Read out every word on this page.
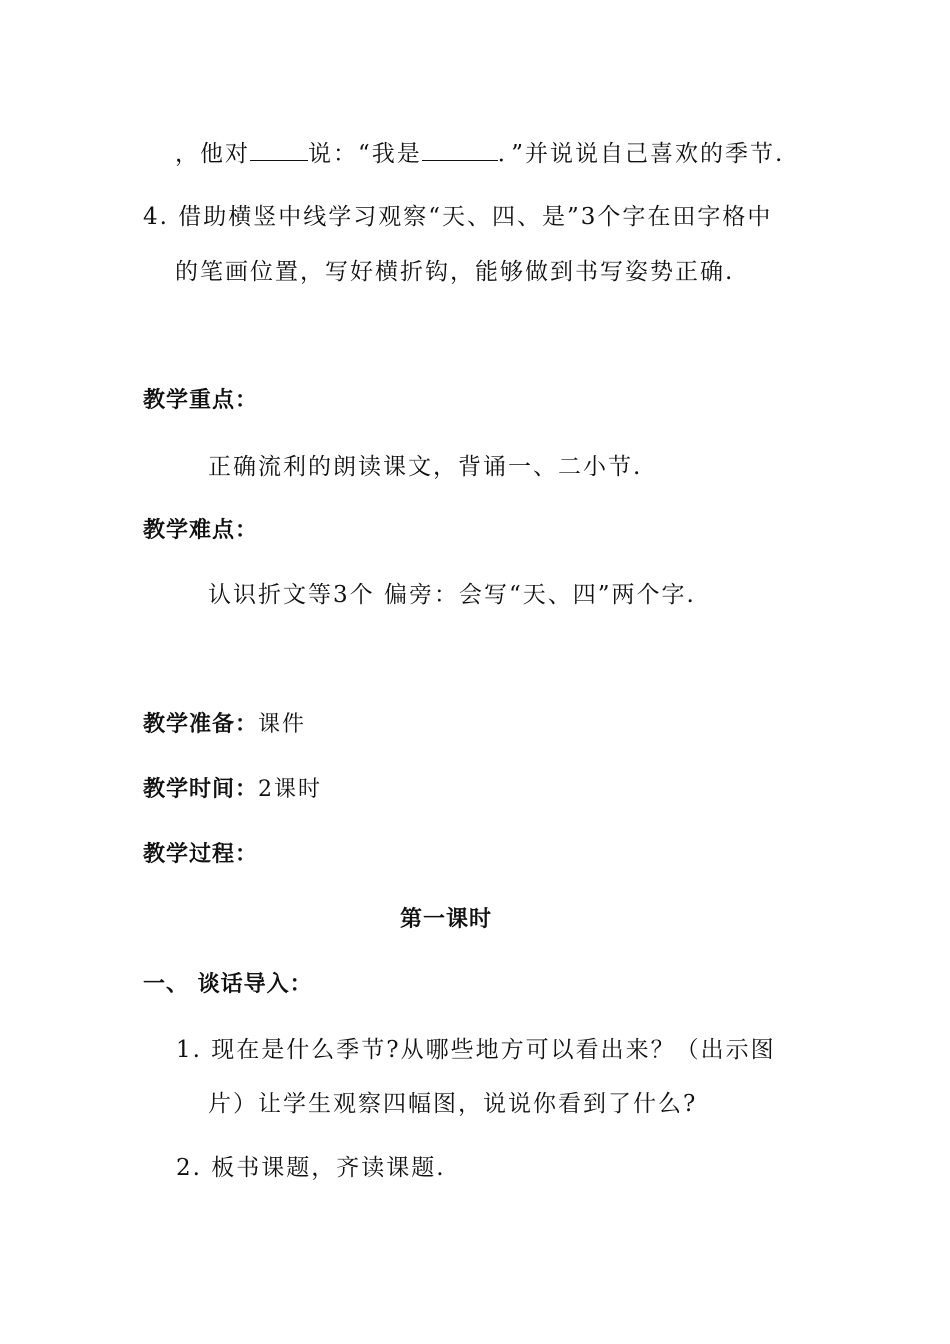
，他对	说：“我是	．”并说说自己喜欢的季节.
4. 借助横竖中线学习观察“天、四、是”3个字在田字格中
的笔画位置，写好横折钩，能够做到书写姿势正确.
教学重点：
正确流利的朗读课文，背诵一、二小节.
教学难点：
认识折文等3个 偏旁：会写“天、四”两个字.
教学准备：课件
教学时间：2课时
教学过程：
第一课时
一、 谈话导入：
1. 现在是什么季节?从哪些地方可以看出来？（出示图
片）让学生观察四幅图，说说你看到了什么?
2. 板书课题，齐读课题.
